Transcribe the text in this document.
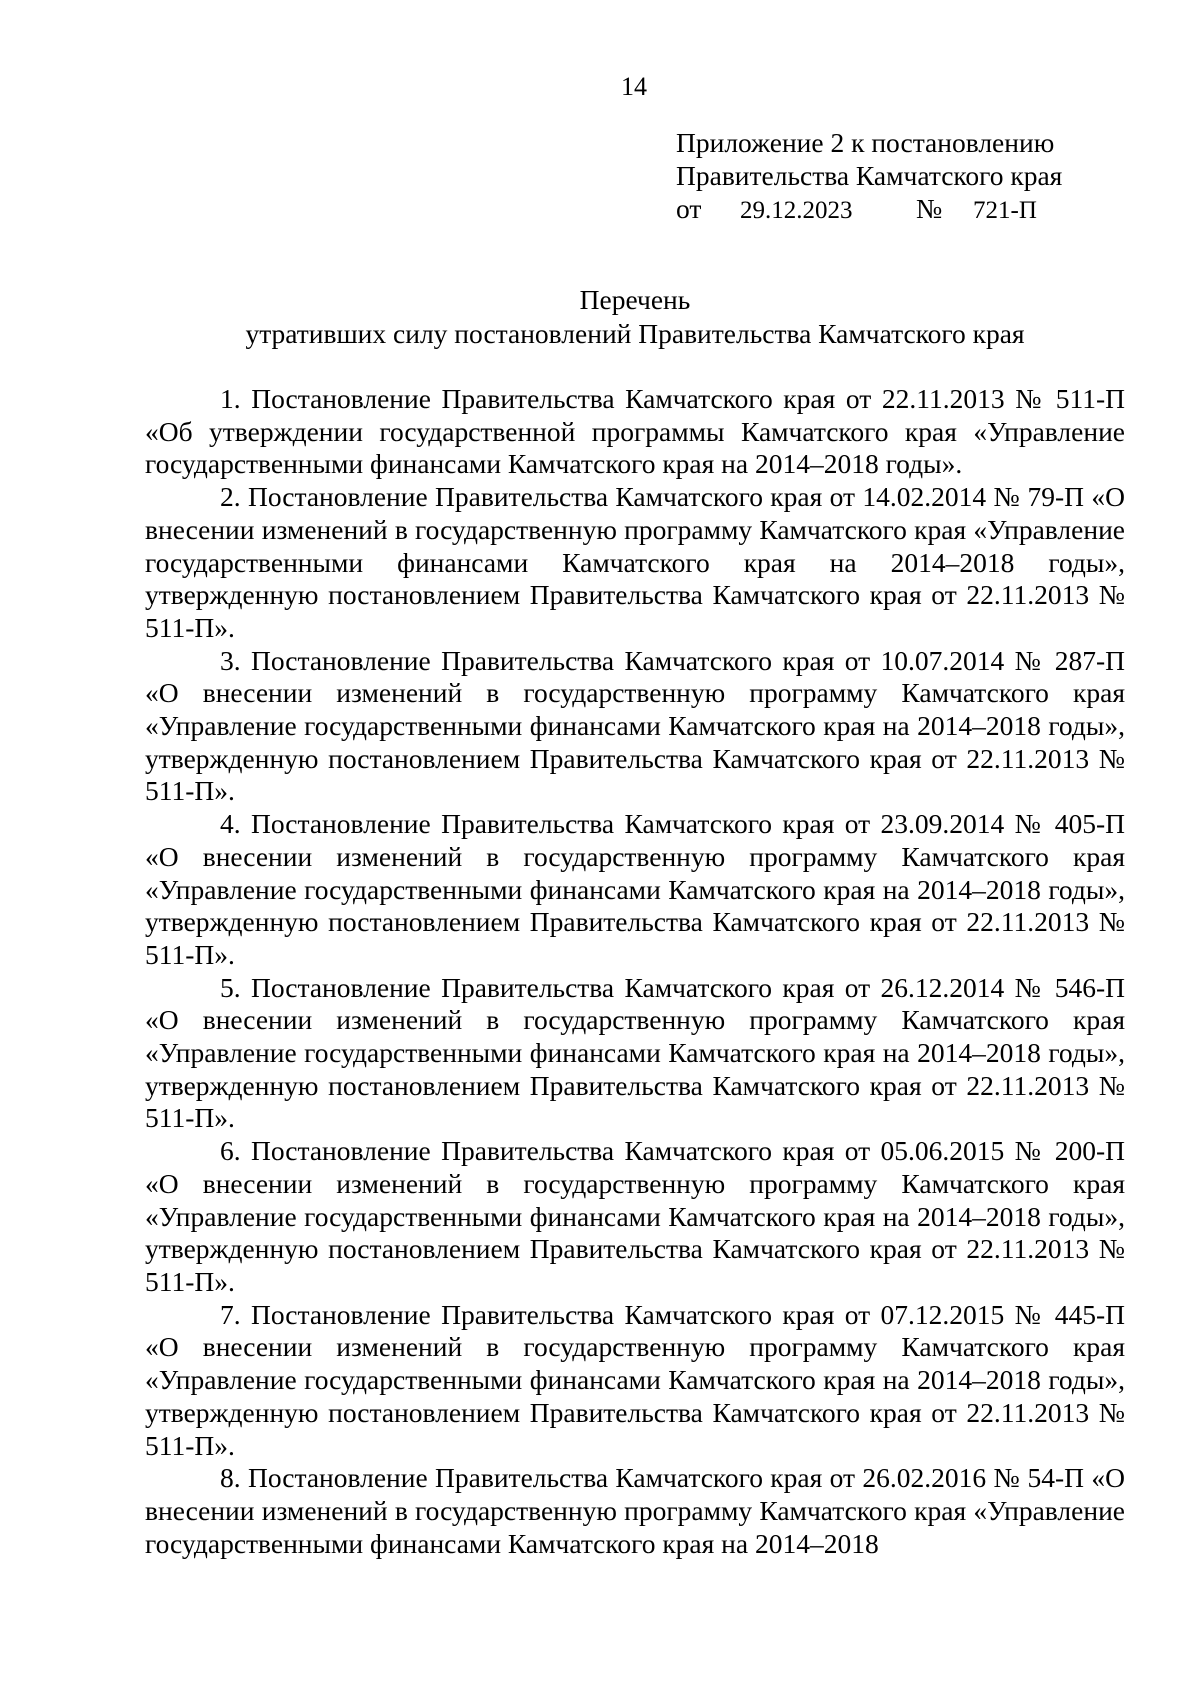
14
Приложение 2 к постановлению
Правительства Камчатского края
от 29.12.2023 № 721-П
Перечень
утративших силу постановлений Правительства Камчатского края

1. Постановление Правительства Камчатского края от 22.11.2013 № 511-П «Об утверждении государственной программы Камчатского края «Управление государственными финансами Камчатского края на 2014–2018 годы».

2. Постановление Правительства Камчатского края от 14.02.2014 № 79-П «О внесении изменений в государственную программу Камчатского края «Управление государственными финансами Камчатского края на 2014–2018 годы», утвержденную постановлением Правительства Камчатского края от 22.11.2013 № 511-П».

3. Постановление Правительства Камчатского края от 10.07.2014 № 287-П «О внесении изменений в государственную программу Камчатского края «Управление государственными финансами Камчатского края на 2014–2018 годы», утвержденную постановлением Правительства Камчатского края от 22.11.2013 № 511-П».

4. Постановление Правительства Камчатского края от 23.09.2014 № 405-П «О внесении изменений в государственную программу Камчатского края «Управление государственными финансами Камчатского края на 2014–2018 годы», утвержденную постановлением Правительства Камчатского края от 22.11.2013 № 511-П».

5. Постановление Правительства Камчатского края от 26.12.2014 № 546-П «О внесении изменений в государственную программу Камчатского края «Управление государственными финансами Камчатского края на 2014–2018 годы», утвержденную постановлением Правительства Камчатского края от 22.11.2013 № 511-П».

6. Постановление Правительства Камчатского края от 05.06.2015 № 200-П «О внесении изменений в государственную программу Камчатского края «Управление государственными финансами Камчатского края на 2014–2018 годы», утвержденную постановлением Правительства Камчатского края от 22.11.2013 № 511-П».

7. Постановление Правительства Камчатского края от 07.12.2015 № 445-П «О внесении изменений в государственную программу Камчатского края «Управление государственными финансами Камчатского края на 2014–2018 годы», утвержденную постановлением Правительства Камчатского края от 22.11.2013 № 511-П».

8. Постановление Правительства Камчатского края от 26.02.2016 № 54-П «О внесении изменений в государственную программу Камчатского края «Управление государственными финансами Камчатского края на 2014–2018
